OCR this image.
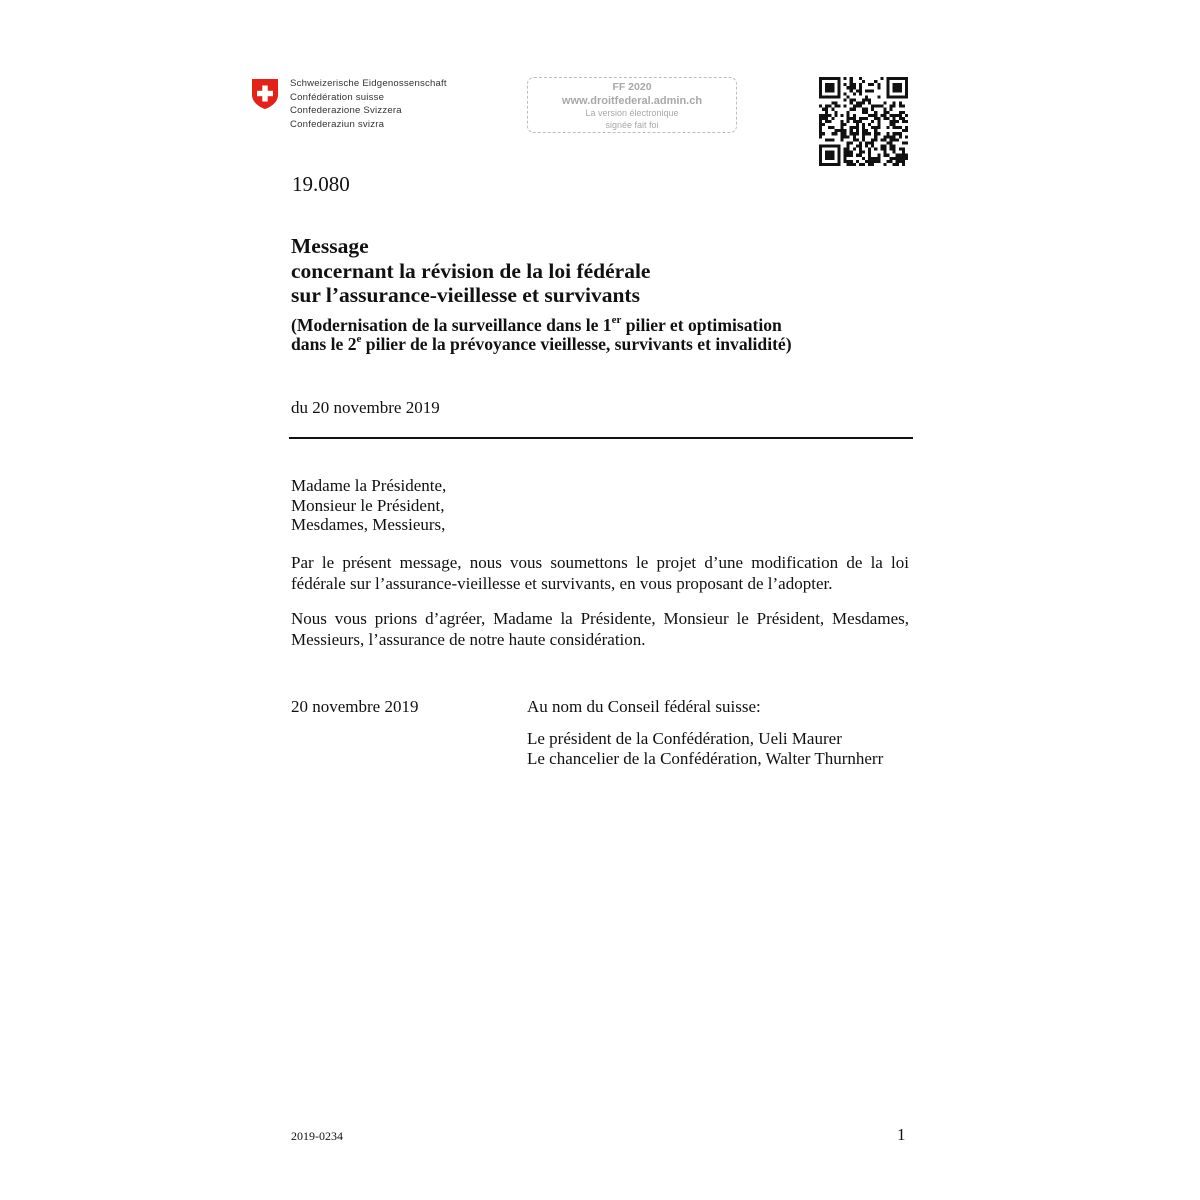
Schweizerische Eidgenossenschaft
Confédération suisse
Confederazione Svizzera
Confederaziun svizra
FF 2020
www.droitfederal.admin.ch
La version électronique
signée fait foi
19.080
Message
concernant la révision de la loi fédérale
sur l’assurance-vieillesse et survivants
(Modernisation de la surveillance dans le 1er pilier et optimisation
dans le 2e pilier de la prévoyance vieillesse, survivants et invalidité)
du 20 novembre 2019
Madame la Présidente,
Monsieur le Président,
Mesdames, Messieurs,
Par le présent message, nous vous soumettons le projet d’une modification de la loi fédérale sur l’assurance-vieillesse et survivants, en vous proposant de l’adopter.
Nous vous prions d’agréer, Madame la Présidente, Monsieur le Président, Mesdames, Messieurs, l’assurance de notre haute considération.
20 novembre 2019	Au nom du Conseil fédéral suisse:
Le président de la Confédération, Ueli Maurer
Le chancelier de la Confédération, Walter Thurnherr
2019-0234	1
